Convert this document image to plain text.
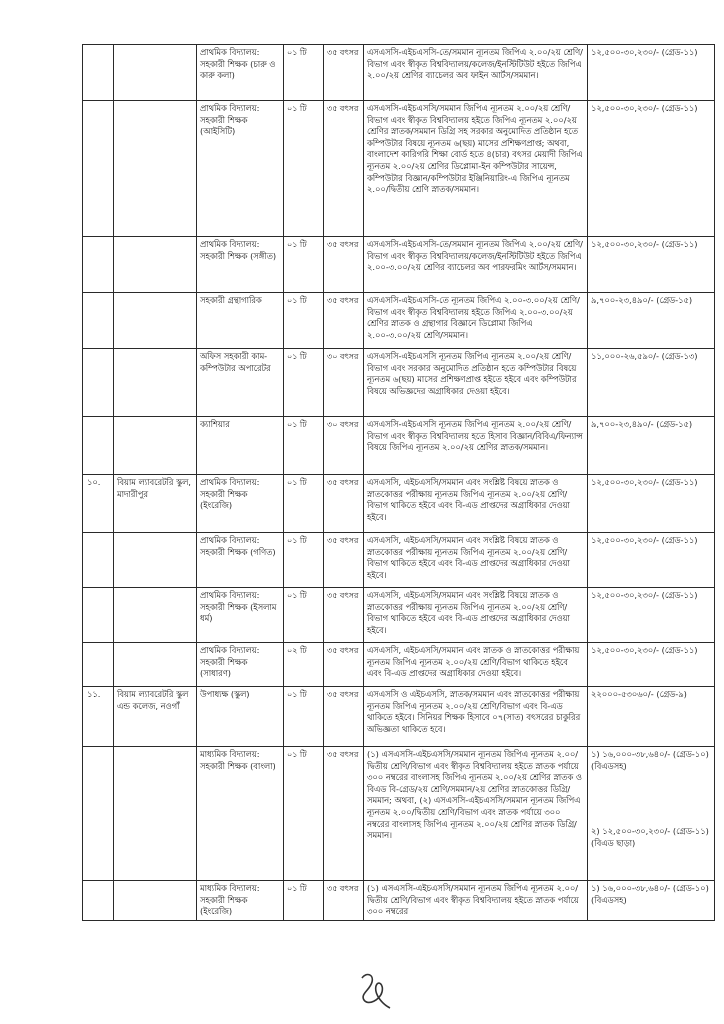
		প্রাথমিক বিদ্যালয়: সহকারী শিক্ষক (চারু ও কারু কলা)	০১ টি	৩৫ বৎসর	এসএসসি-এইচএসসি-তে/সমমান ন্যূনতম জিপিএ ২.০০/২য় শ্রেণি/বিভাগ এবং স্বীকৃত বিশ্ববিদ্যালয়/কলেজ/ইনস্টিটিউট হইতে জিপিএ ২.০০/২য় শ্রেণির ব্যাচেলর অব ফাইন আর্টস/সমমান।	১২,৫০০-৩০,২৩০/- (গ্রেড-১১)

		প্রাথমিক বিদ্যালয়: সহকারী শিক্ষক (আইসিটি)	০১ টি	৩৫ বৎসর	এসএসসি-এইচএসসি/সমমান জিপিএ ন্যূনতম ২.০০/২য় শ্রেণি/বিভাগ এবং স্বীকৃত বিশ্ববিদ্যালয় হইতে জিপিএ ন্যূনতম ২.০০/২য় শ্রেণির স্নাতক/সমমান ডিগ্রি সহ সরকার অনুমোদিত প্রতিষ্ঠান হতে কম্পিউটার বিষয়ে ন্যূনতম ৬(ছয়) মাসের প্রশিক্ষণপ্রাপ্ত; অথবা, বাংলাদেশ কারিগরি শিক্ষা বোর্ড হতে ৪(চার) বৎসর মেয়াদী জিপিএ ন্যূনতম ২.০০/২য় শ্রেণির ডিপ্লোমা-ইন কম্পিউটার সায়েন্স, কম্পিউটার বিজ্ঞান/কম্পিউটার ইঞ্জিনিয়ারিং-এ জিপিএ ন্যূনতম ২.০০/দ্বিতীয় শ্রেণি স্নাতক/সমমান।	১২,৫০০-৩০,২৩০/- (গ্রেড-১১)

		প্রাথমিক বিদ্যালয়: সহকারী শিক্ষক (সঙ্গীত)	০১ টি	৩৫ বৎসর	এসএসসি-এইচএসসি-তে/সমমান ন্যূনতম জিপিএ ২.০০/২য় শ্রেণি/বিভাগ এবং স্বীকৃত বিশ্ববিদ্যালয়/কলেজ/ইনস্টিটিউট হইতে জিপিএ ২.০০-৩.০০/২য় শ্রেণির ব্যাচেলর অব পারফরমিং আর্টস/সমমান।	১২,৫০০-৩০,২৩০/- (গ্রেড-১১)

		সহকারী গ্রন্থাগারিক	০১ টি	৩৫ বৎসর	এসএসসি-এইচএসসি-তে ন্যূনতম জিপিএ ২.০০-৩.০০/২য় শ্রেণি/বিভাগ এবং স্বীকৃত বিশ্ববিদ্যালয় হইতে জিপিএ ২.০০-৩.০০/২য় শ্রেণির স্নাতক ও গ্রন্থাগার বিজ্ঞানে ডিপ্লোমা জিপিএ ২.০০-৩.০০/২য় শ্রেণি/সমমান।	৯,৭০০-২৩,৪৯০/- (গ্রেড-১৫)

		অফিস সহকারী কাম-কম্পিউটার অপারেটর	০১ টি	৩০ বৎসর	এসএসসি-এইচএসসি ন্যূনতম জিপিএ ন্যূনতম ২.০০/২য় শ্রেণি/বিভাগ এবং সরকার অনুমোদিত প্রতিষ্ঠান হতে কম্পিউটার বিষয়ে ন্যূনতম ৬(ছয়) মাসের প্রশিক্ষণপ্রাপ্ত হইতে হইবে এবং কম্পিউটার বিষয়ে অভিজ্ঞদের অগ্রাধিকার দেওয়া হইবে।	১১,০০০-২৬,৫৯০/- (গ্রেড-১৩)

		ক্যাশিয়ার	০১ টি	৩০ বৎসর	এসএসসি-এইচএসসি ন্যূনতম জিপিএ ন্যূনতম ২.০০/২য় শ্রেণি/বিভাগ এবং স্বীকৃত বিশ্ববিদ্যালয় হতে হিসাব বিজ্ঞান/বিবিএ/ফিন্যান্স বিষয়ে জিপিএ ন্যূনতম ২.০০/২য় শ্রেণির স্নাতক/সমমান।	৯,৭০০-২৩,৪৯০/- (গ্রেড-১৫)

১০.	বিয়াম ল্যাবরেটরি স্কুল, মাদারীপুর	প্রাথমিক বিদ্যালয়: সহকারী শিক্ষক (ইংরেজি)	০১ টি	৩৫ বৎসর	এসএসসি, এইচএসসি/সমমান এবং সংশ্লিষ্ট বিষয়ে স্নাতক ও স্নাতকোত্তর পরীক্ষায় ন্যূনতম জিপিএ ন্যূনতম ২.০০/২য় শ্রেণি/বিভাগ থাকিতে হইবে এবং বি-এড প্রাপ্তদের অগ্রাধিকার দেওয়া হইবে।	১২,৫০০-৩০,২৩০/- (গ্রেড-১১)

		প্রাথমিক বিদ্যালয়: সহকারী শিক্ষক (গণিত)	০১ টি	৩৫ বৎসর	এসএসসি, এইচএসসি/সমমান এবং সংশ্লিষ্ট বিষয়ে স্নাতক ও স্নাতকোত্তর পরীক্ষায় ন্যূনতম জিপিএ ন্যূনতম ২.০০/২য় শ্রেণি/বিভাগ থাকিতে হইবে এবং বি-এড প্রাপ্তদের অগ্রাধিকার দেওয়া হইবে।	১২,৫০০-৩০,২৩০/- (গ্রেড-১১)

		প্রাথমিক বিদ্যালয়: সহকারী শিক্ষক (ইসলাম ধর্ম)	০১ টি	৩৫ বৎসর	এসএসসি, এইচএসসি/সমমান এবং সংশ্লিষ্ট বিষয়ে স্নাতক ও স্নাতকোত্তর পরীক্ষায় ন্যূনতম জিপিএ ন্যূনতম ২.০০/২য় শ্রেণি/বিভাগ থাকিতে হইবে এবং বি-এড প্রাপ্তদের অগ্রাধিকার দেওয়া হইবে।	১২,৫০০-৩০,২৩০/- (গ্রেড-১১)

		প্রাথমিক বিদ্যালয়: সহকারী শিক্ষক (সাধারণ)	০২ টি	৩৫ বৎসর	এসএসসি, এইচএসসি/সমমান এবং স্নাতক ও স্নাতকোত্তর পরীক্ষায় ন্যূনতম জিপিএ ন্যূনতম ২.০০/২য় শ্রেণি/বিভাগ থাকিতে হইবে এবং বি-এড প্রাপ্তদের অগ্রাধিকার দেওয়া হইবে।	১২,৫০০-৩০,২৩০/- (গ্রেড-১১)

১১.	বিয়াম ল্যাবরেটরি স্কুল এন্ড কলেজ, নওগাঁ	উপাধ্যক্ষ (স্কুল)	০১ টি	৩৫ বৎসর	এসএসসি ও এইচএসসি, স্নাতক/সমমান এবং স্নাতকোত্তর পরীক্ষায় ন্যূনতম জিপিএ ন্যূনতম ২.০০/২য় শ্রেণি/বিভাগ এবং বি-এড থাকিতে হইবে। সিনিয়র শিক্ষক হিসাবে ০৭(সাত) বৎসরের চাকুরির অভিজ্ঞতা থাকিতে হবে।	২২০০০-৫৩০৬০/- (গ্রেড-৯)

		মাধ্যমিক বিদ্যালয়: সহকারী শিক্ষক (বাংলা)	০১ টি	৩৫ বৎসর	(১) এসএসসি-এইচএসসি/সমমান ন্যূনতম জিপিএ ন্যূনতম ২.০০/দ্বিতীয় শ্রেণি/বিভাগ এবং স্বীকৃত বিশ্ববিদ্যালয় হইতে স্নাতক পর্যায়ে ৩০০ নম্বরের বাংলাসহ জিপিএ ন্যূনতম ২.০০/২য় শ্রেণির স্নাতক ও বিএড বি-গ্রেড/২য় শ্রেণি/সমমান/২য় শ্রেণির স্নাতকোত্তর ডিগ্রি/সমমান; অথবা, (২) এসএসসি-এইচএসসি/সমমান ন্যূনতম জিপিএ ন্যূনতম ২.০০/দ্বিতীয় শ্রেণি/বিভাগ এবং স্নাতক পর্যায়ে ৩০০ নম্বরের বাংলাসহ জিপিএ ন্যূনতম ২.০০/২য় শ্রেণির স্নাতক ডিগ্রি/সমমান।	১) ১৬,০০০-৩৮,৬৪০/- (গ্রেড-১০) (বিএডসহ)
২) ১২,৫০০-৩০,২৩০/- (গ্রেড-১১) (বিএড ছাড়া)

		মাধ্যমিক বিদ্যালয়: সহকারী শিক্ষক (ইংরেজি)	০১ টি	৩৫ বৎসর	(১) এসএসসি-এইচএসসি/সমমান ন্যূনতম জিপিএ ন্যূনতম ২.০০/দ্বিতীয় শ্রেণি/বিভাগ এবং স্বীকৃত বিশ্ববিদ্যালয় হইতে স্নাতক পর্যায়ে ৩০০ নম্বরের	১) ১৬,০০০-৩৮,৬৪০/- (গ্রেড-১০) (বিএডসহ)
